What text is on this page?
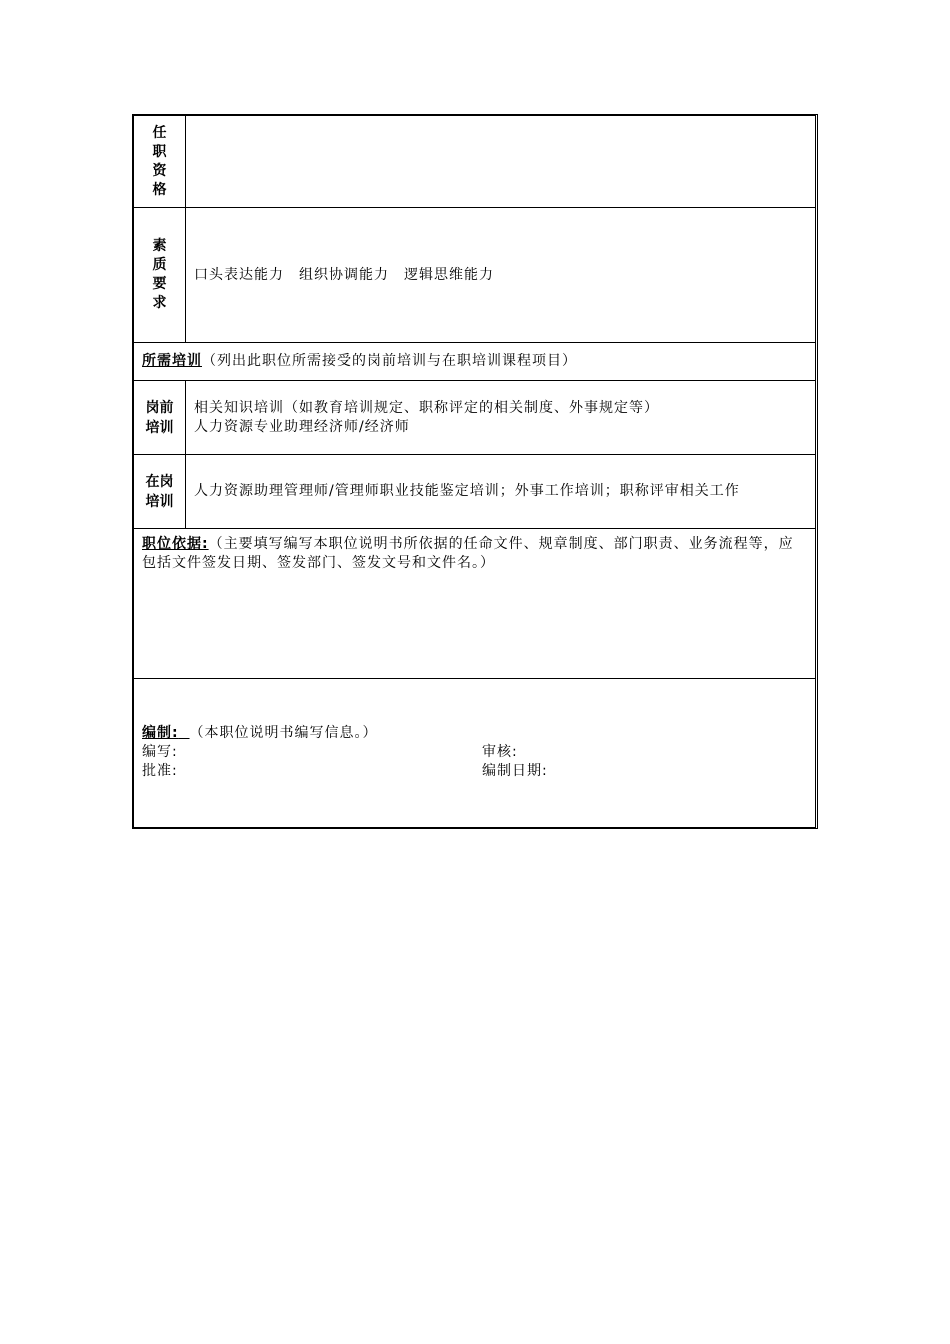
任职资格
素质要求
口头表达能力　组织协调能力　逻辑思维能力
所需培训（列出此职位所需接受的岗前培训与在职培训课程项目）
岗前培训
相关知识培训（如教育培训规定、职称评定的相关制度、外事规定等）
人力资源专业助理经济师/经济师
在岗培训
人力资源助理管理师/管理师职业技能鉴定培训；外事工作培训；职称评审相关工作
职位依据:（主要填写编写本职位说明书所依据的任命文件、规章制度、部门职责、业务流程等，应包括文件签发日期、签发部门、签发文号和文件名。）
编制: （本职位说明书编写信息。）
编写:	审核:
批准:	编制日期:
